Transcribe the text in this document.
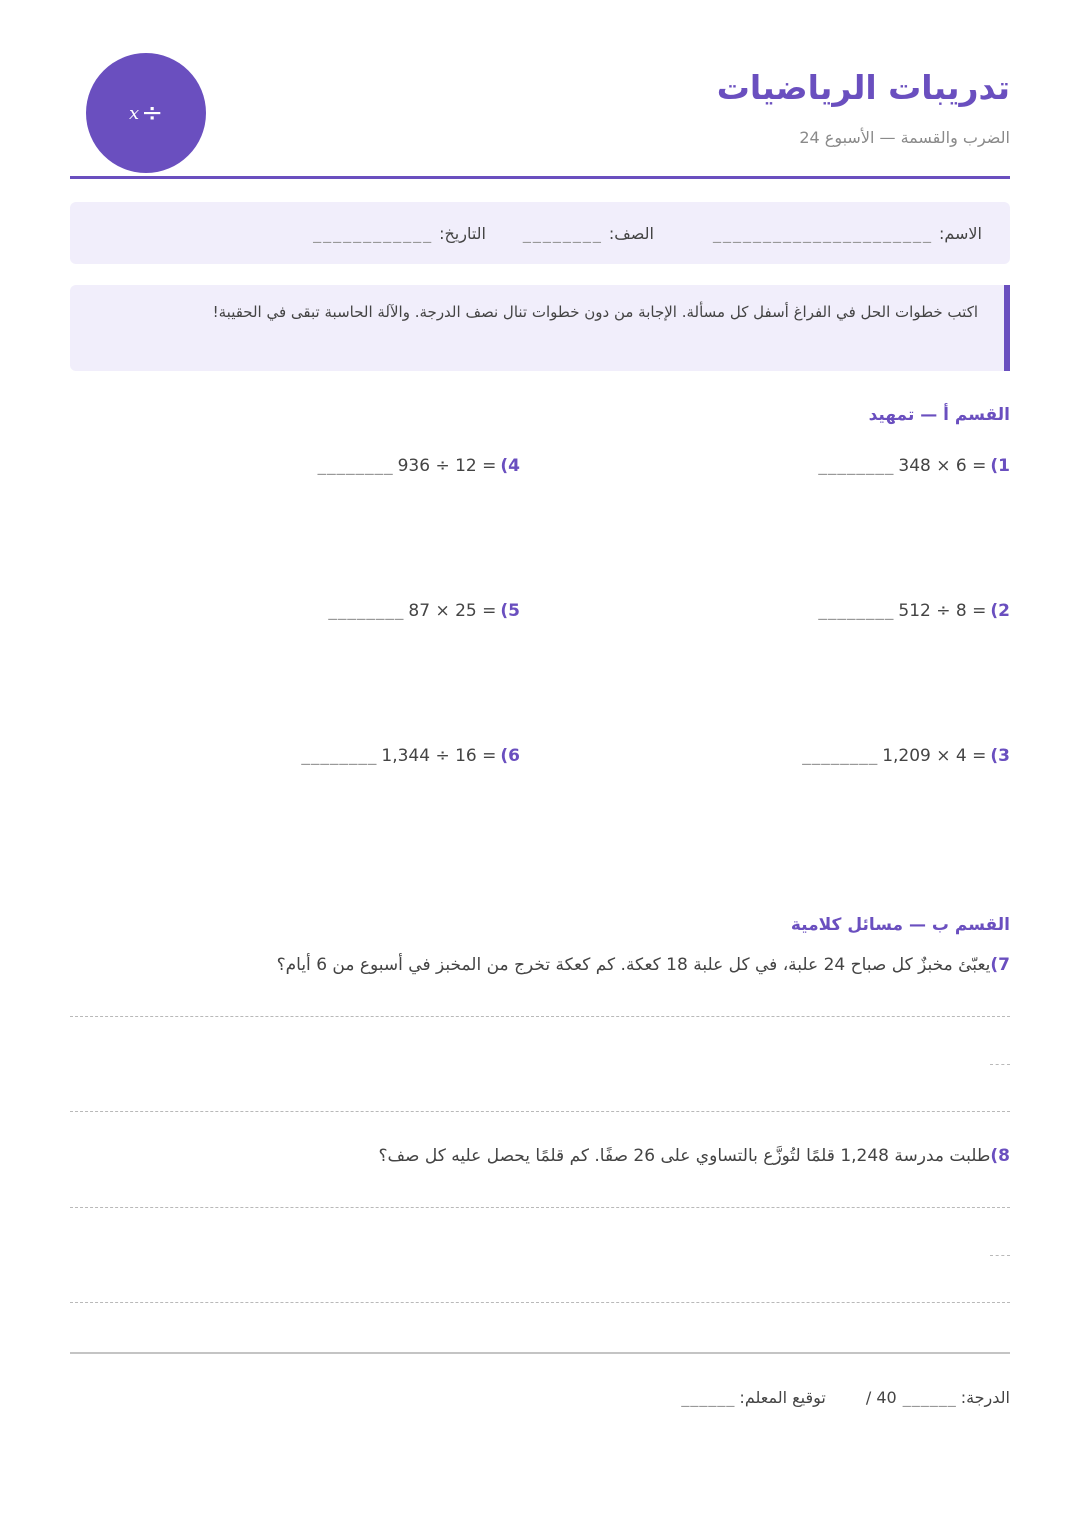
تدريبات الرياضيات
الضرب والقسمة — الأسبوع 24
x ÷
الاسم:
______________________
الصف:
________
التاريخ:
____________
اكتب خطوات الحل في الفراغ أسفل كل مسألة. الإجابة من دون خطوات تنال نصف الدرجة. والآلة الحاسبة تبقى في الحقيبة!
القسم أ — تمهيد
1)
348 × 6 =
________
4)
936 ÷ 12 =
________
2)
512 ÷ 8 =
________
5)
87 × 25 =
________
3)
1,209 × 4 =
________
6)
1,344 ÷ 16 =
________
القسم ب — مسائل كلامية
7)
يعبّئ مخبزٌ كل صباح 24 علبة، في كل علبة 18 كعكة. كم كعكة تخرج من المخبز في أسبوع من 6 أيام؟
8)
طلبت مدرسة 1,248 قلمًا لتُوزَّع بالتساوي على 26 صفًا. كم قلمًا يحصل عليه كل صف؟
الدرجة:
______
/ 40
توقيع المعلم:
______
